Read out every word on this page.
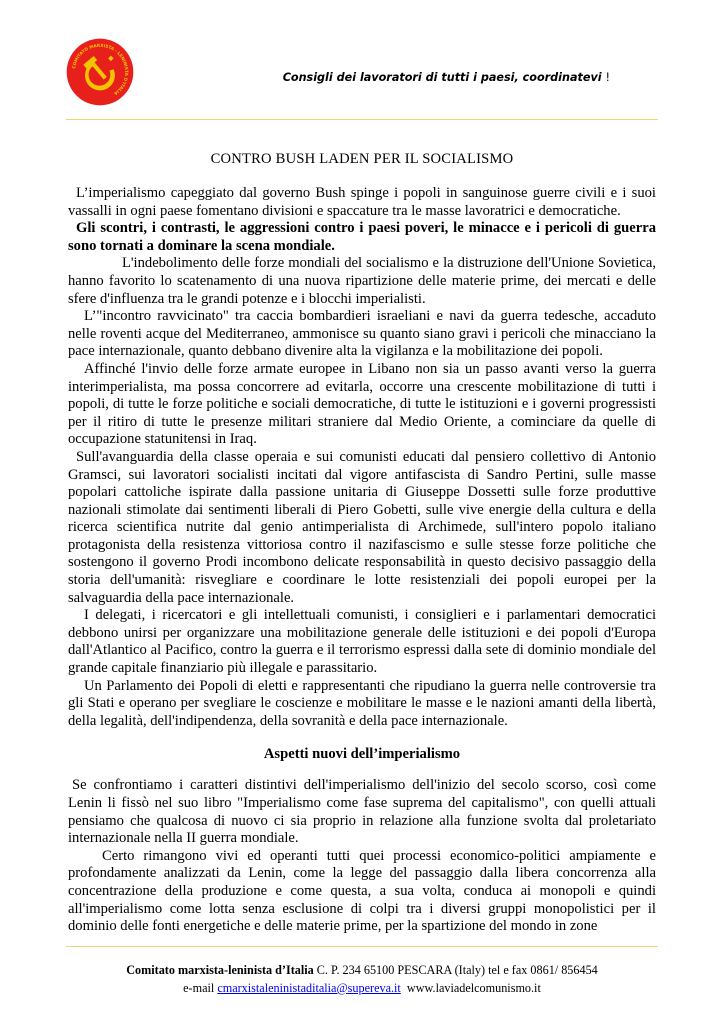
COMITATO MARXISTA - LENINISTA D'ITALIA
Consigli dei lavoratori di tutti i paesi, coordinatevi !
CONTRO BUSH LADEN PER IL SOCIALISMO

L’imperialismo capeggiato dal governo Bush spinge i popoli in sanguinose guerre civili e i suoi vassalli in ogni paese fomentano divisioni e spaccature tra le masse lavoratrici e democratiche.

Gli scontri, i contrasti, le aggressioni contro i paesi poveri, le minacce e i pericoli di guerra sono tornati a dominare la scena mondiale.

L'indebolimento delle forze mondiali del socialismo e la distruzione dell'Unione Sovietica, hanno favorito lo scatenamento di una nuova ripartizione delle materie prime, dei mercati e delle sfere d'influenza tra le grandi potenze e i blocchi imperialisti.

L’"incontro ravvicinato" tra caccia bombardieri israeliani e navi da guerra tedesche, accaduto nelle roventi acque del Mediterraneo, ammonisce su quanto siano gravi i pericoli che minacciano la pace internazionale, quanto debbano divenire alta la vigilanza e la mobilitazione dei popoli.

Affinché l'invio delle forze armate europee in Libano non sia un passo avanti verso la guerra interimperialista, ma possa concorrere ad evitarla, occorre una crescente mobilitazione di tutti i popoli, di tutte le forze politiche e sociali democratiche, di tutte le istituzioni e i governi progressisti per il ritiro di tutte le presenze militari straniere dal Medio Oriente, a cominciare da quelle di occupazione statunitensi in Iraq.

Sull'avanguardia della classe operaia e sui comunisti educati dal pensiero collettivo di Antonio Gramsci, sui lavoratori socialisti incitati dal vigore antifascista di Sandro Pertini, sulle masse popolari cattoliche ispirate dalla passione unitaria di Giuseppe Dossetti sulle forze produttive nazionali stimolate dai sentimenti liberali di Piero Gobetti, sulle vive energie della cultura e della ricerca scientifica nutrite dal genio antimperialista di Archimede, sull'intero popolo italiano protagonista della resistenza vittoriosa contro il nazifascismo e sulle stesse forze politiche che sostengono il governo Prodi incombono delicate responsabilità in questo decisivo passaggio della storia dell'umanità: risvegliare e coordinare le lotte resistenziali dei popoli europei per la salvaguardia della pace internazionale.

I delegati, i ricercatori e gli intellettuali comunisti, i consiglieri e i parlamentari democratici debbono unirsi per organizzare una mobilitazione generale delle istituzioni e dei popoli d'Europa dall'Atlantico al Pacifico, contro la guerra e il terrorismo espressi dalla sete di dominio mondiale del grande capitale finanziario più illegale e parassitario.

Un Parlamento dei Popoli di eletti e rappresentanti che ripudiano la guerra nelle controversie tra gli Stati e operano per svegliare le coscienze e mobilitare le masse e le nazioni amanti della libertà, della legalità, dell'indipendenza, della sovranità e della pace internazionale.

Aspetti nuovi dell’imperialismo

Se confrontiamo i caratteri distintivi dell'imperialismo dell'inizio del secolo scorso, così come Lenin li fissò nel suo libro "Imperialismo come fase suprema del capitalismo", con quelli attuali pensiamo che qualcosa di nuovo ci sia proprio in relazione alla funzione svolta dal proletariato internazionale nella II guerra mondiale.

Certo rimangono vivi ed operanti tutti quei processi economico-politici ampiamente e profondamente analizzati da Lenin, come la legge del passaggio dalla libera concorrenza alla concentrazione della produzione e come questa, a sua volta, conduca ai monopoli e quindi all'imperialismo come lotta senza esclusione di colpi tra i diversi gruppi monopolistici per il dominio delle fonti energetiche e delle materie prime, per la spartizione del mondo in zone

Comitato marxista-leninista d’Italia C. P. 234 65100 PESCARA (Italy) tel e fax 0861/ 856454
e-mail cmarxistaleninistaditalia@supereva.it www.laviadelcomunismo.it
